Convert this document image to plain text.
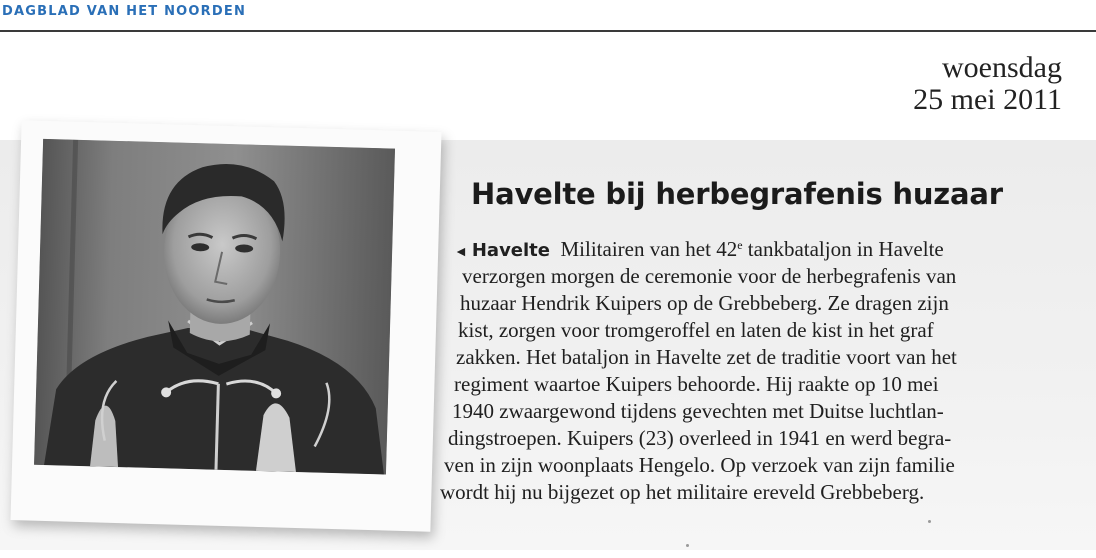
DAGBLAD VAN HET NOORDEN
woensdag
25 mei 2011
Havelte bij herbegrafenis huzaar
◄ Havelte Militairen van het 42e tankbataljon in Havelte
verzorgen morgen de ceremonie voor de herbegrafenis van
huzaar Hendrik Kuipers op de Grebbeberg. Ze dragen zijn
kist, zorgen voor tromgeroffel en laten de kist in het graf
zakken. Het bataljon in Havelte zet de traditie voort van het
regiment waartoe Kuipers behoorde. Hij raakte op 10 mei
1940 zwaargewond tijdens gevechten met Duitse luchtlan-
dingstroepen. Kuipers (23) overleed in 1941 en werd begra-
ven in zijn woonplaats Hengelo. Op verzoek van zijn familie
wordt hij nu bijgezet op het militaire ereveld Grebbeberg.
